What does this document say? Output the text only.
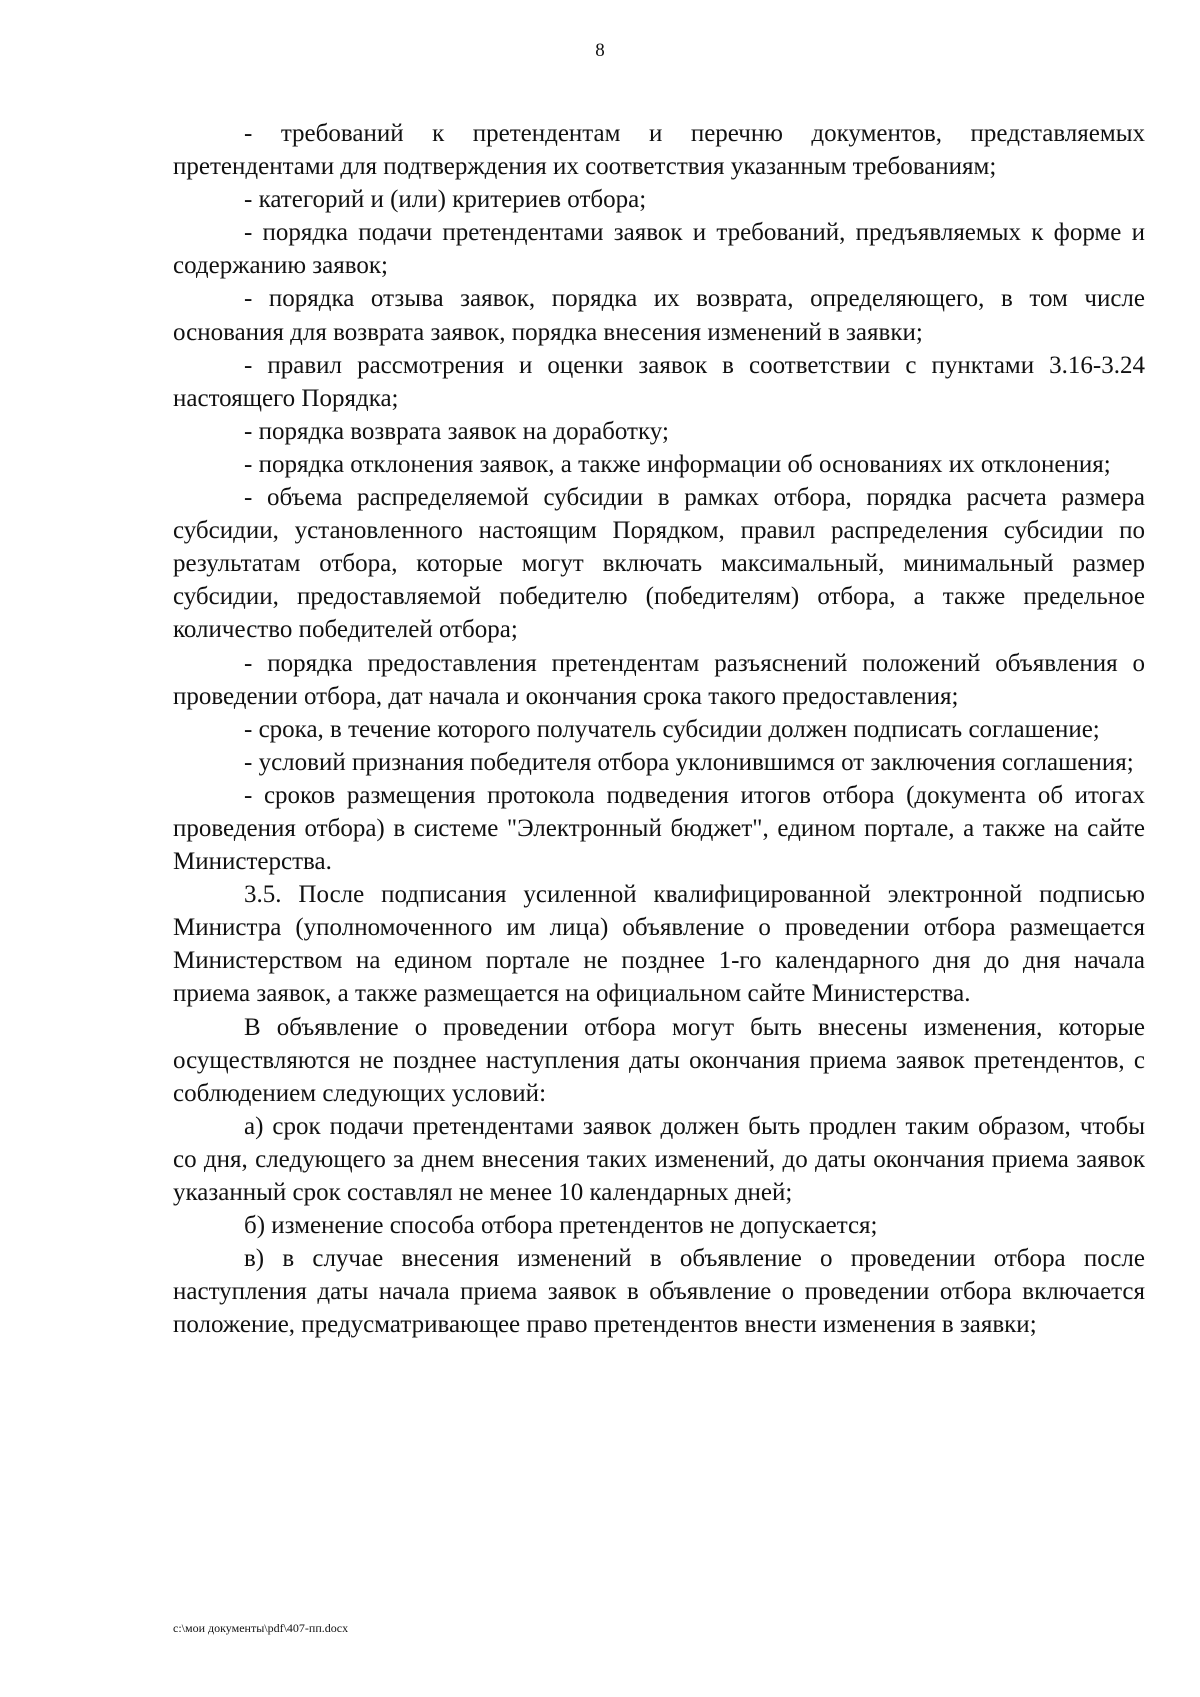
8

- требований к претендентам и перечню документов, представляемых претендентами для подтверждения их соответствия указанным требованиям;

- категорий и (или) критериев отбора;

- порядка подачи претендентами заявок и требований, предъявляемых к форме и содержанию заявок;

- порядка отзыва заявок, порядка их возврата, определяющего, в том числе основания для возврата заявок, порядка внесения изменений в заявки;

- правил рассмотрения и оценки заявок в соответствии с пунктами 3.16-3.24 настоящего Порядка;

- порядка возврата заявок на доработку;

- порядка отклонения заявок, а также информации об основаниях их отклонения;

- объема распределяемой субсидии в рамках отбора, порядка расчета размера субсидии, установленного настоящим Порядком, правил распределения субсидии по результатам отбора, которые могут включать максимальный, минимальный размер субсидии, предоставляемой победителю (победителям) отбора, а также предельное количество победителей отбора;

- порядка предоставления претендентам разъяснений положений объявления о проведении отбора, дат начала и окончания срока такого предоставления;

- срока, в течение которого получатель субсидии должен подписать соглашение;

- условий признания победителя отбора уклонившимся от заключения соглашения;

- сроков размещения протокола подведения итогов отбора (документа об итогах проведения отбора) в системе "Электронный бюджет", едином портале, а также на сайте Министерства.

3.5. После подписания усиленной квалифицированной электронной подписью Министра (уполномоченного им лица) объявление о проведении отбора размещается Министерством на едином портале не позднее 1-го календарного дня до дня начала приема заявок, а также размещается на официальном сайте Министерства.

В объявление о проведении отбора могут быть внесены изменения, которые осуществляются не позднее наступления даты окончания приема заявок претендентов, с соблюдением следующих условий:

а) срок подачи претендентами заявок должен быть продлен таким образом, чтобы со дня, следующего за днем внесения таких изменений, до даты окончания приема заявок указанный срок составлял не менее 10 календарных дней;

б) изменение способа отбора претендентов не допускается;

в) в случае внесения изменений в объявление о проведении отбора после наступления даты начала приема заявок в объявление о проведении отбора включается положение, предусматривающее право претендентов внести изменения в заявки;

c:\мои документы\pdf\407-пп.docx
